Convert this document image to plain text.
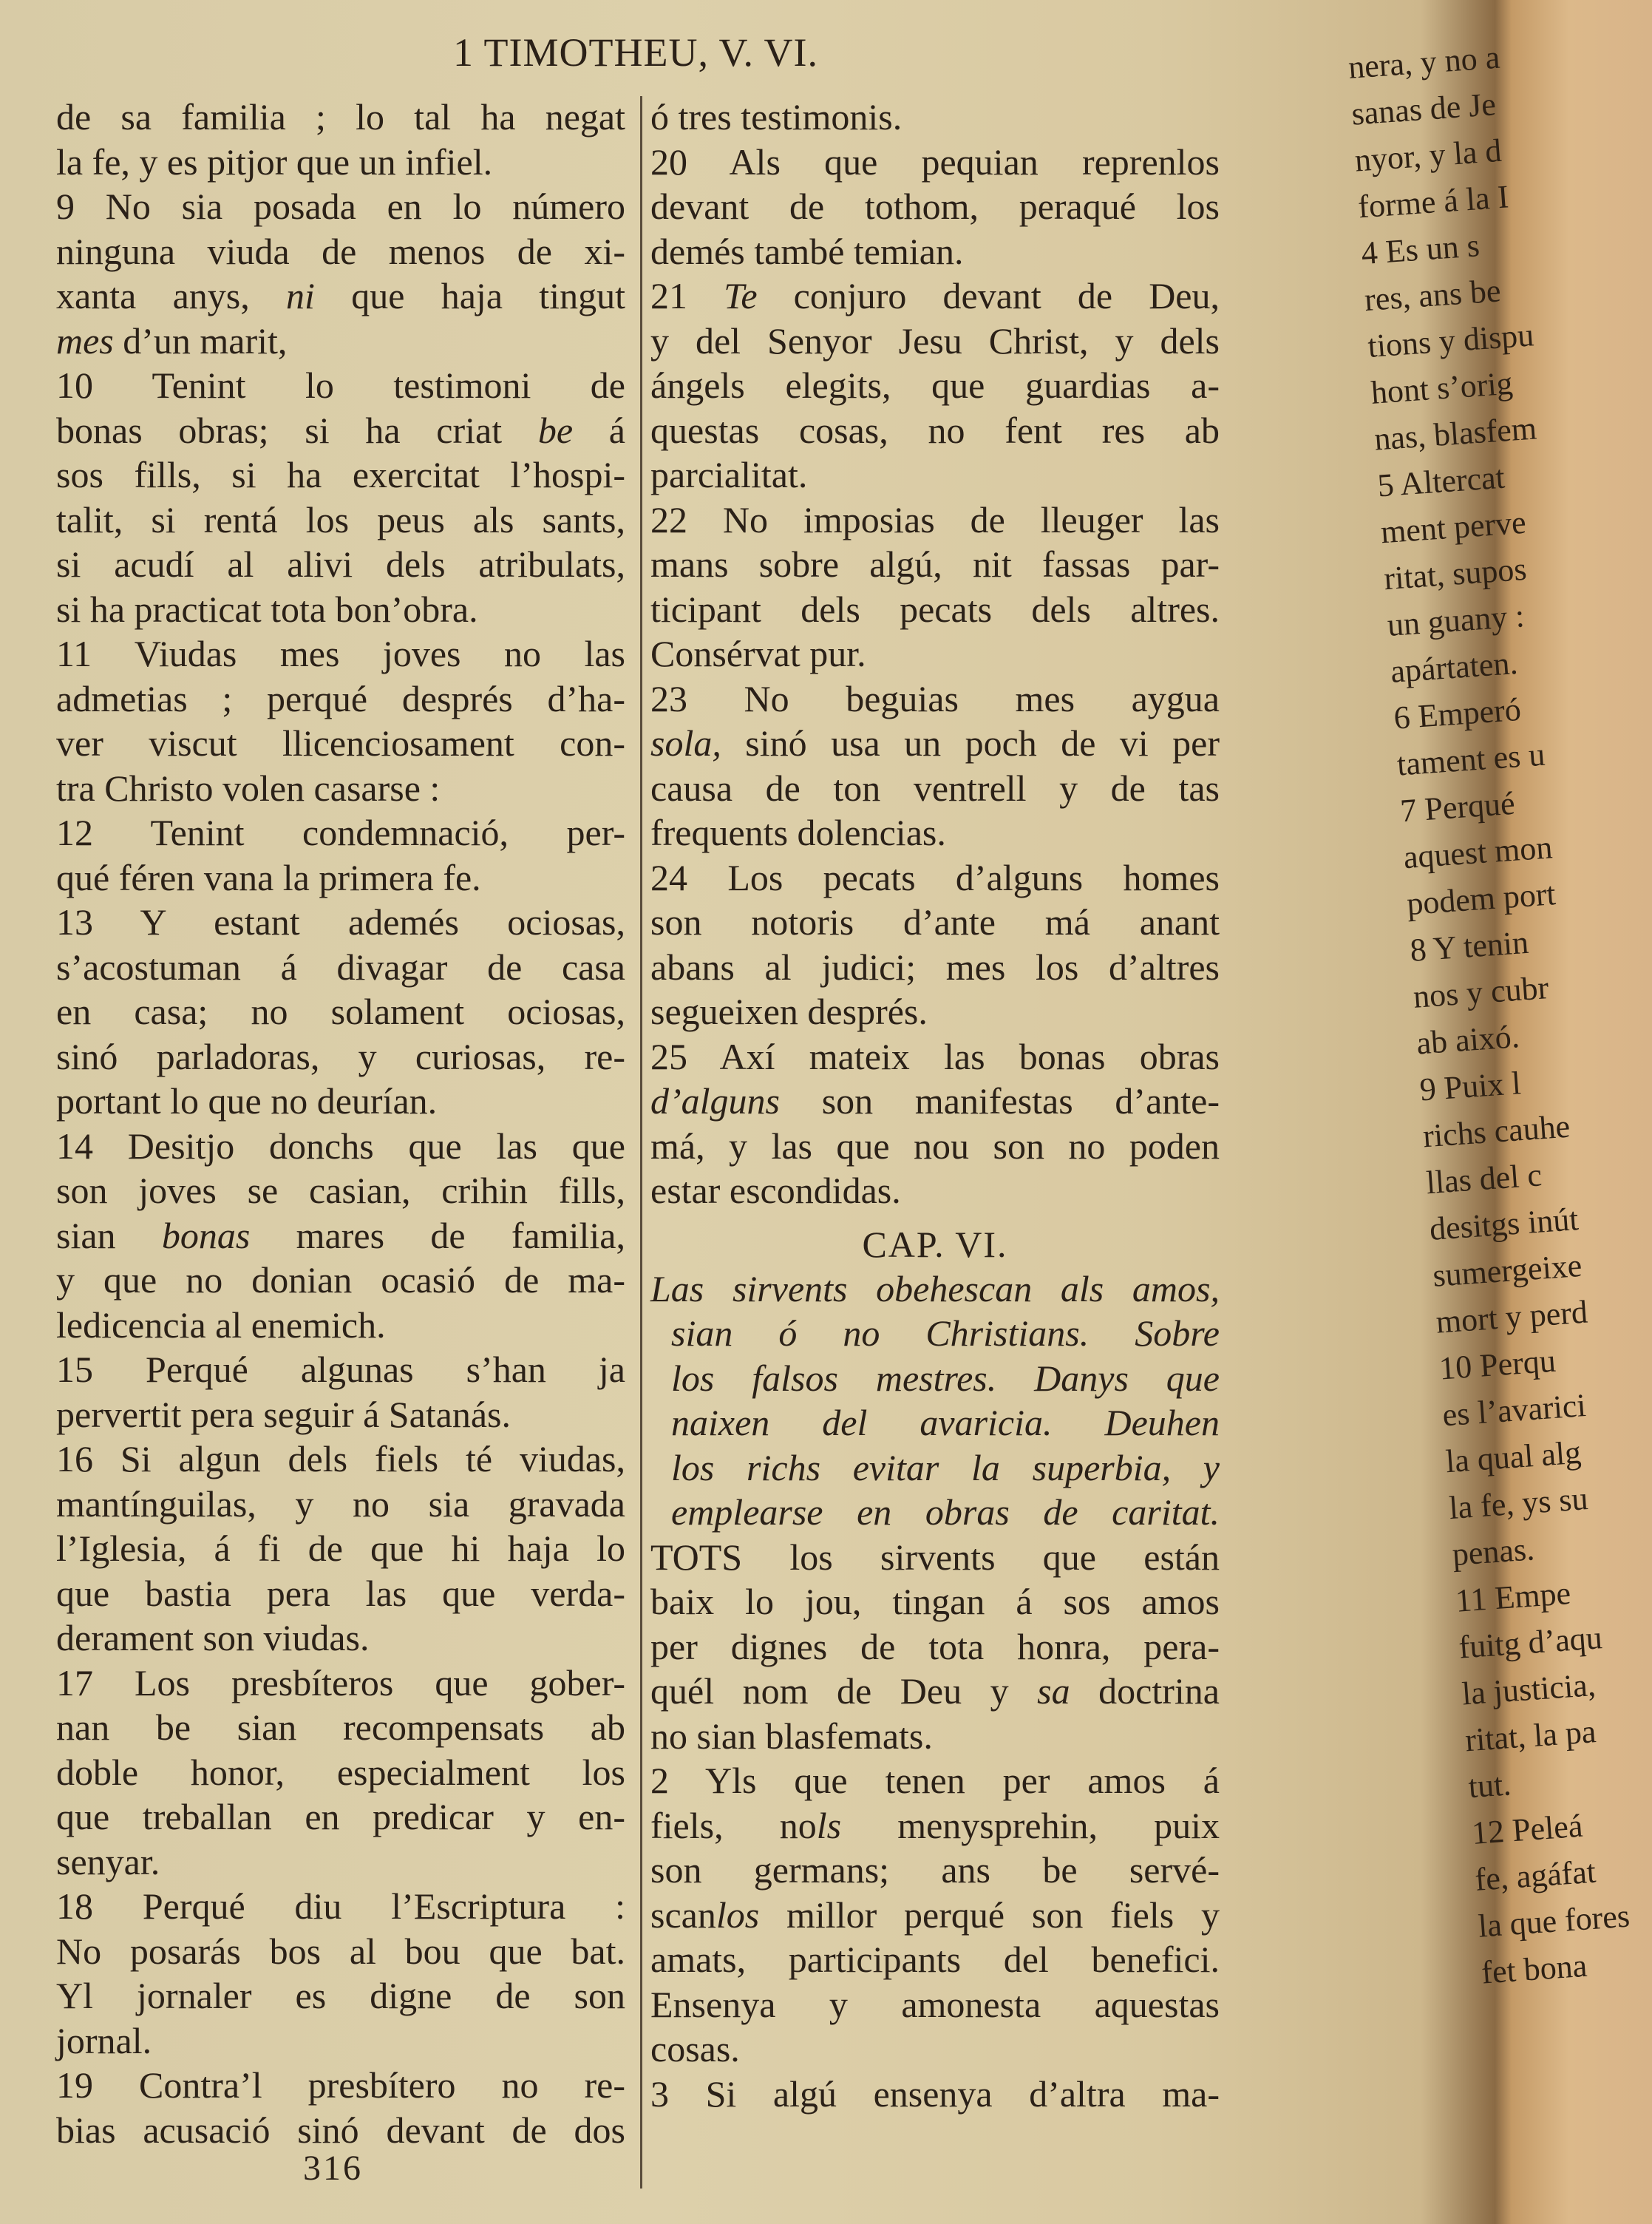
1 TIMOTHEU, V. VI.
de sa familia ; lo tal ha negat
la fe, y es pitjor que un infiel.
9 No sia posada en lo número
ninguna viuda de menos de xi-
xanta anys, ni que haja tingut
mes d’un marit,
10 Tenint lo testimoni de
bonas obras; si ha criat be á
sos fills, si ha exercitat l’hospi-
talit, si rentá los peus als sants,
si acudí al alivi dels atribulats,
si ha practicat tota bon’obra.
11 Viudas mes joves no las
admetias ; perqué després d’ha-
ver viscut llicenciosament con-
tra Christo volen casarse :
12 Tenint condemnació, per-
qué féren vana la primera fe.
13 Y estant ademés ociosas,
s’acostuman á divagar de casa
en casa; no solament ociosas,
sinó parladoras, y curiosas, re-
portant lo que no deurían.
14 Desitjo donchs que las que
son joves se casian, crihin fills,
sian bonas mares de familia,
y que no donian ocasió de ma-
ledicencia al enemich.
15 Perqué algunas s’han ja
pervertit pera seguir á Satanás.
16 Si algun dels fiels té viudas,
mantínguilas, y no sia gravada
l’Iglesia, á fi de que hi haja lo
que bastia pera las que verda-
derament son viudas.
17 Los presbíteros que gober-
nan be sian recompensats ab
doble honor, especialment los
que treballan en predicar y en-
senyar.
18 Perqué diu l’Escriptura :
No posarás bos al bou que bat.
Yl jornaler es digne de son
jornal.
19 Contra’l presbítero no re-
bias acusació sinó devant de dos
ó tres testimonis.
20 Als que pequian reprenlos
devant de tothom, peraqué los
demés també temian.
21 Te conjuro devant de Deu,
y del Senyor Jesu Christ, y dels
ángels elegits, que guardias a-
questas cosas, no fent res ab
parcialitat.
22 No imposias de lleuger las
mans sobre algú, nit fassas par-
ticipant dels pecats dels altres.
Consérvat pur.
23 No beguias mes aygua
sola, sinó usa un poch de vi per
causa de ton ventrell y de tas
frequents dolencias.
24 Los pecats d’alguns homes
son notoris d’ante má anant
abans al judici; mes los d’altres
segueixen després.
25 Axí mateix las bonas obras
d’alguns son manifestas d’ante-
má, y las que nou son no poden
estar escondidas.
CAP. VI.
Las sirvents obehescan als amos,
sian ó no Christians. Sobre
los falsos mestres. Danys que
naixen del avaricia. Deuhen
los richs evitar la superbia, y
emplearse en obras de caritat.
TOTS los sirvents que están
baix lo jou, tingan á sos amos
per dignes de tota honra, pera-
quél nom de Deu y sa doctrina
no sian blasfemats.
2 Yls que tenen per amos á
fiels, nols menysprehin, puix
son germans; ans be servé-
scanlos millor perqué son fiels y
amats, participants del benefici.
Ensenya y amonesta aquestas
cosas.
3 Si algú ensenya d’altra ma-
316
nera, y no a
sanas de Je
nyor, y la d
forme á la I
4 Es un s
res, ans be
tions y dispu
hont s’orig
nas, blasfem
5 Altercat
ment perve
ritat, supos
un guany :
apártaten.
6 Emperó
tament es u
7 Perqué
aquest mon
podem port
8 Y tenin
nos y cubr
ab aixó.
9 Puix l
richs cauhe
llas del c
desitgs inút
sumergeixe
mort y perd
10 Perqu
es l’avarici
la qual alg
la fe, ys su
penas.
11 Empe
fuitg d’aqu
la justicia,
ritat, la pa
tut.
12 Peleá
fe, agáfat
la que fores
fet bona
